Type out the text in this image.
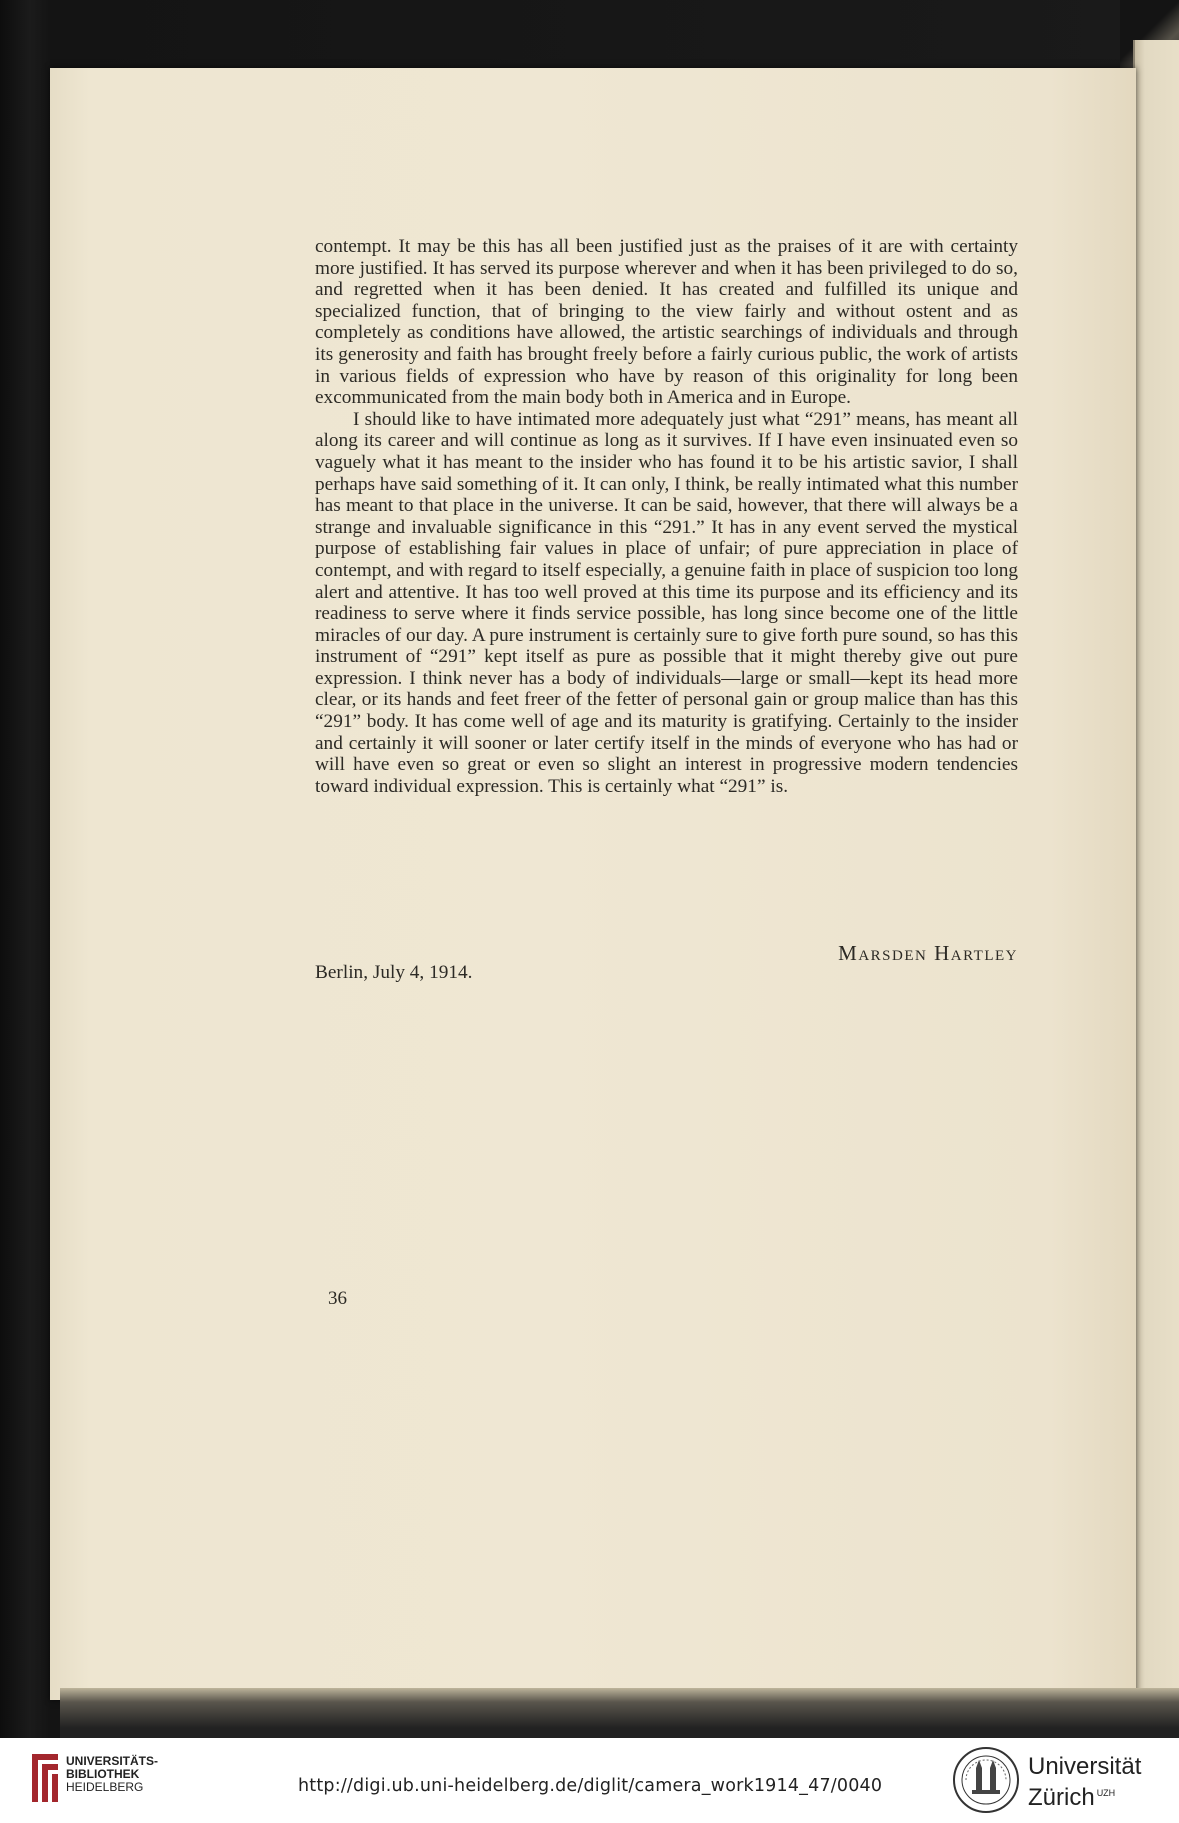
contempt. It may be this has all been justified just as the praises of it are with certainty more justified. It has served its purpose wherever and when it has been privileged to do so, and regretted when it has been denied. It has created and fulfilled its unique and specialized function, that of bringing to the view fairly and without ostent and as completely as conditions have allowed, the artistic searchings of individuals and through its generosity and faith has brought freely before a fairly curious public, the work of artists in various fields of expression who have by reason of this originality for long been excommunicated from the main body both in America and in Europe.

I should like to have intimated more adequately just what “291” means, has meant all along its career and will continue as long as it survives. If I have even insinuated even so vaguely what it has meant to the insider who has found it to be his artistic savior, I shall perhaps have said something of it. It can only, I think, be really intimated what this number has meant to that place in the universe. It can be said, however, that there will always be a strange and invaluable significance in this “291.” It has in any event served the mystical purpose of establishing fair values in place of unfair; of pure appreciation in place of contempt, and with regard to itself especially, a genuine faith in place of suspicion too long alert and attentive. It has too well proved at this time its purpose and its efficiency and its readiness to serve where it finds service possible, has long since become one of the little miracles of our day. A pure instrument is certainly sure to give forth pure sound, so has this instrument of “291” kept itself as pure as possible that it might thereby give out pure expression. I think never has a body of individuals—large or small—kept its head more clear, or its hands and feet freer of the fetter of personal gain or group malice than has this “291” body. It has come well of age and its maturity is gratifying. Certainly to the insider and certainly it will sooner or later certify itself in the minds of everyone who has had or will have even so great or even so slight an interest in progressive modern tendencies toward individual expression. This is certainly what “291” is.

Marsden Hartley
Berlin, July 4, 1914.
36
UNIVERSITÄTS-
BIBLIOTHEK
HEIDELBERG	http://digi.ub.uni-heidelberg.de/diglit/camera_work1914_47/0040
Universität
Zürich $^{UZH}$
